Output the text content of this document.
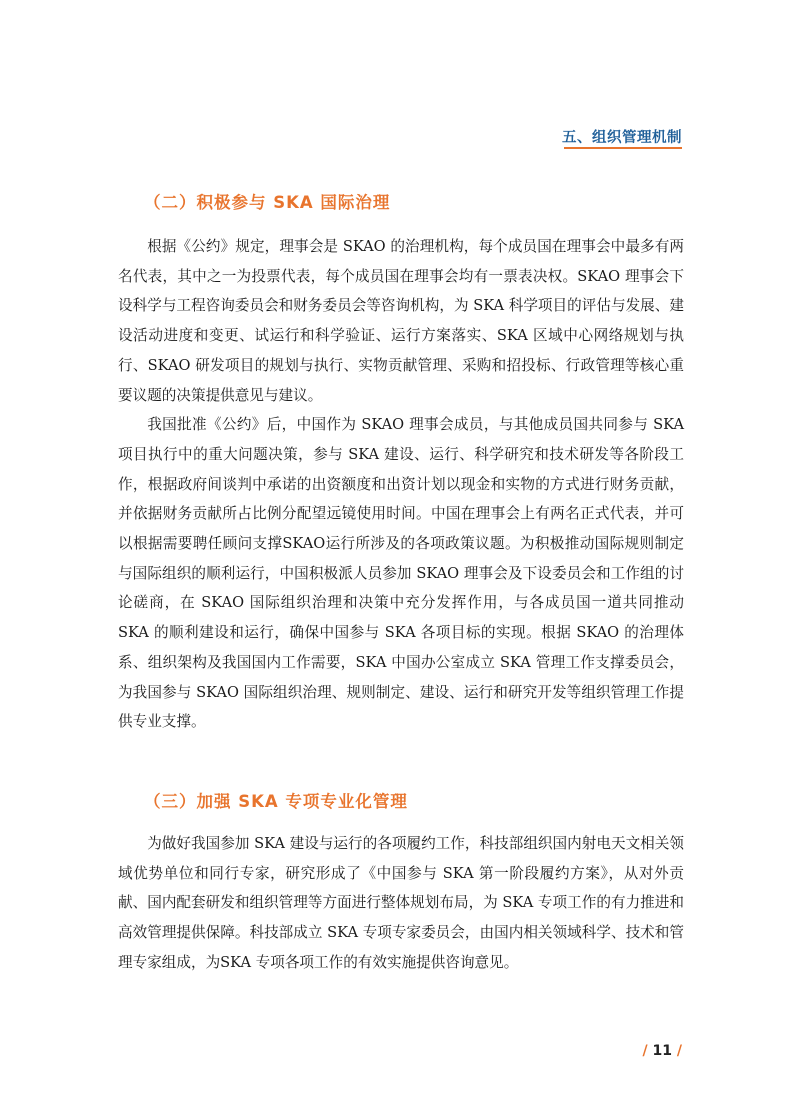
五、组织管理机制
（二）积极参与 SKA 国际治理

根据《公约》规定，理事会是 SKAO 的治理机构，每个成员国在理事会中最多有两名代表，其中之一为投票代表，每个成员国在理事会均有一票表决权。SKAO 理事会下设科学与工程咨询委员会和财务委员会等咨询机构，为 SKA 科学项目的评估与发展、建设活动进度和变更、试运行和科学验证、运行方案落实、SKA 区域中心网络规划与执行、SKAO 研发项目的规划与执行、实物贡献管理、采购和招投标、行政管理等核心重要议题的决策提供意见与建议。

我国批准《公约》后，中国作为 SKAO 理事会成员，与其他成员国共同参与 SKA 项目执行中的重大问题决策，参与 SKA 建设、运行、科学研究和技术研发等各阶段工作，根据政府间谈判中承诺的出资额度和出资计划以现金和实物的方式进行财务贡献，并依据财务贡献所占比例分配望远镜使用时间。中国在理事会上有两名正式代表，并可以根据需要聘任顾问支撑SKAO运行所涉及的各项政策议题。为积极推动国际规则制定与国际组织的顺利运行，中国积极派人员参加 SKAO 理事会及下设委员会和工作组的讨论磋商，在 SKAO 国际组织治理和决策中充分发挥作用，与各成员国一道共同推动 SKA 的顺利建设和运行，确保中国参与 SKA 各项目标的实现。根据 SKAO 的治理体系、组织架构及我国国内工作需要，SKA 中国办公室成立 SKA 管理工作支撑委员会，为我国参与 SKAO 国际组织治理、规则制定、建设、运行和研究开发等组织管理工作提供专业支撑。

（三）加强 SKA 专项专业化管理

为做好我国参加 SKA 建设与运行的各项履约工作，科技部组织国内射电天文相关领域优势单位和同行专家，研究形成了《中国参与 SKA 第一阶段履约方案》，从对外贡献、国内配套研发和组织管理等方面进行整体规划布局，为 SKA 专项工作的有力推进和高效管理提供保障。科技部成立 SKA 专项专家委员会，由国内相关领域科学、技术和管理专家组成，为SKA 专项各项工作的有效实施提供咨询意见。

/ 11 /
